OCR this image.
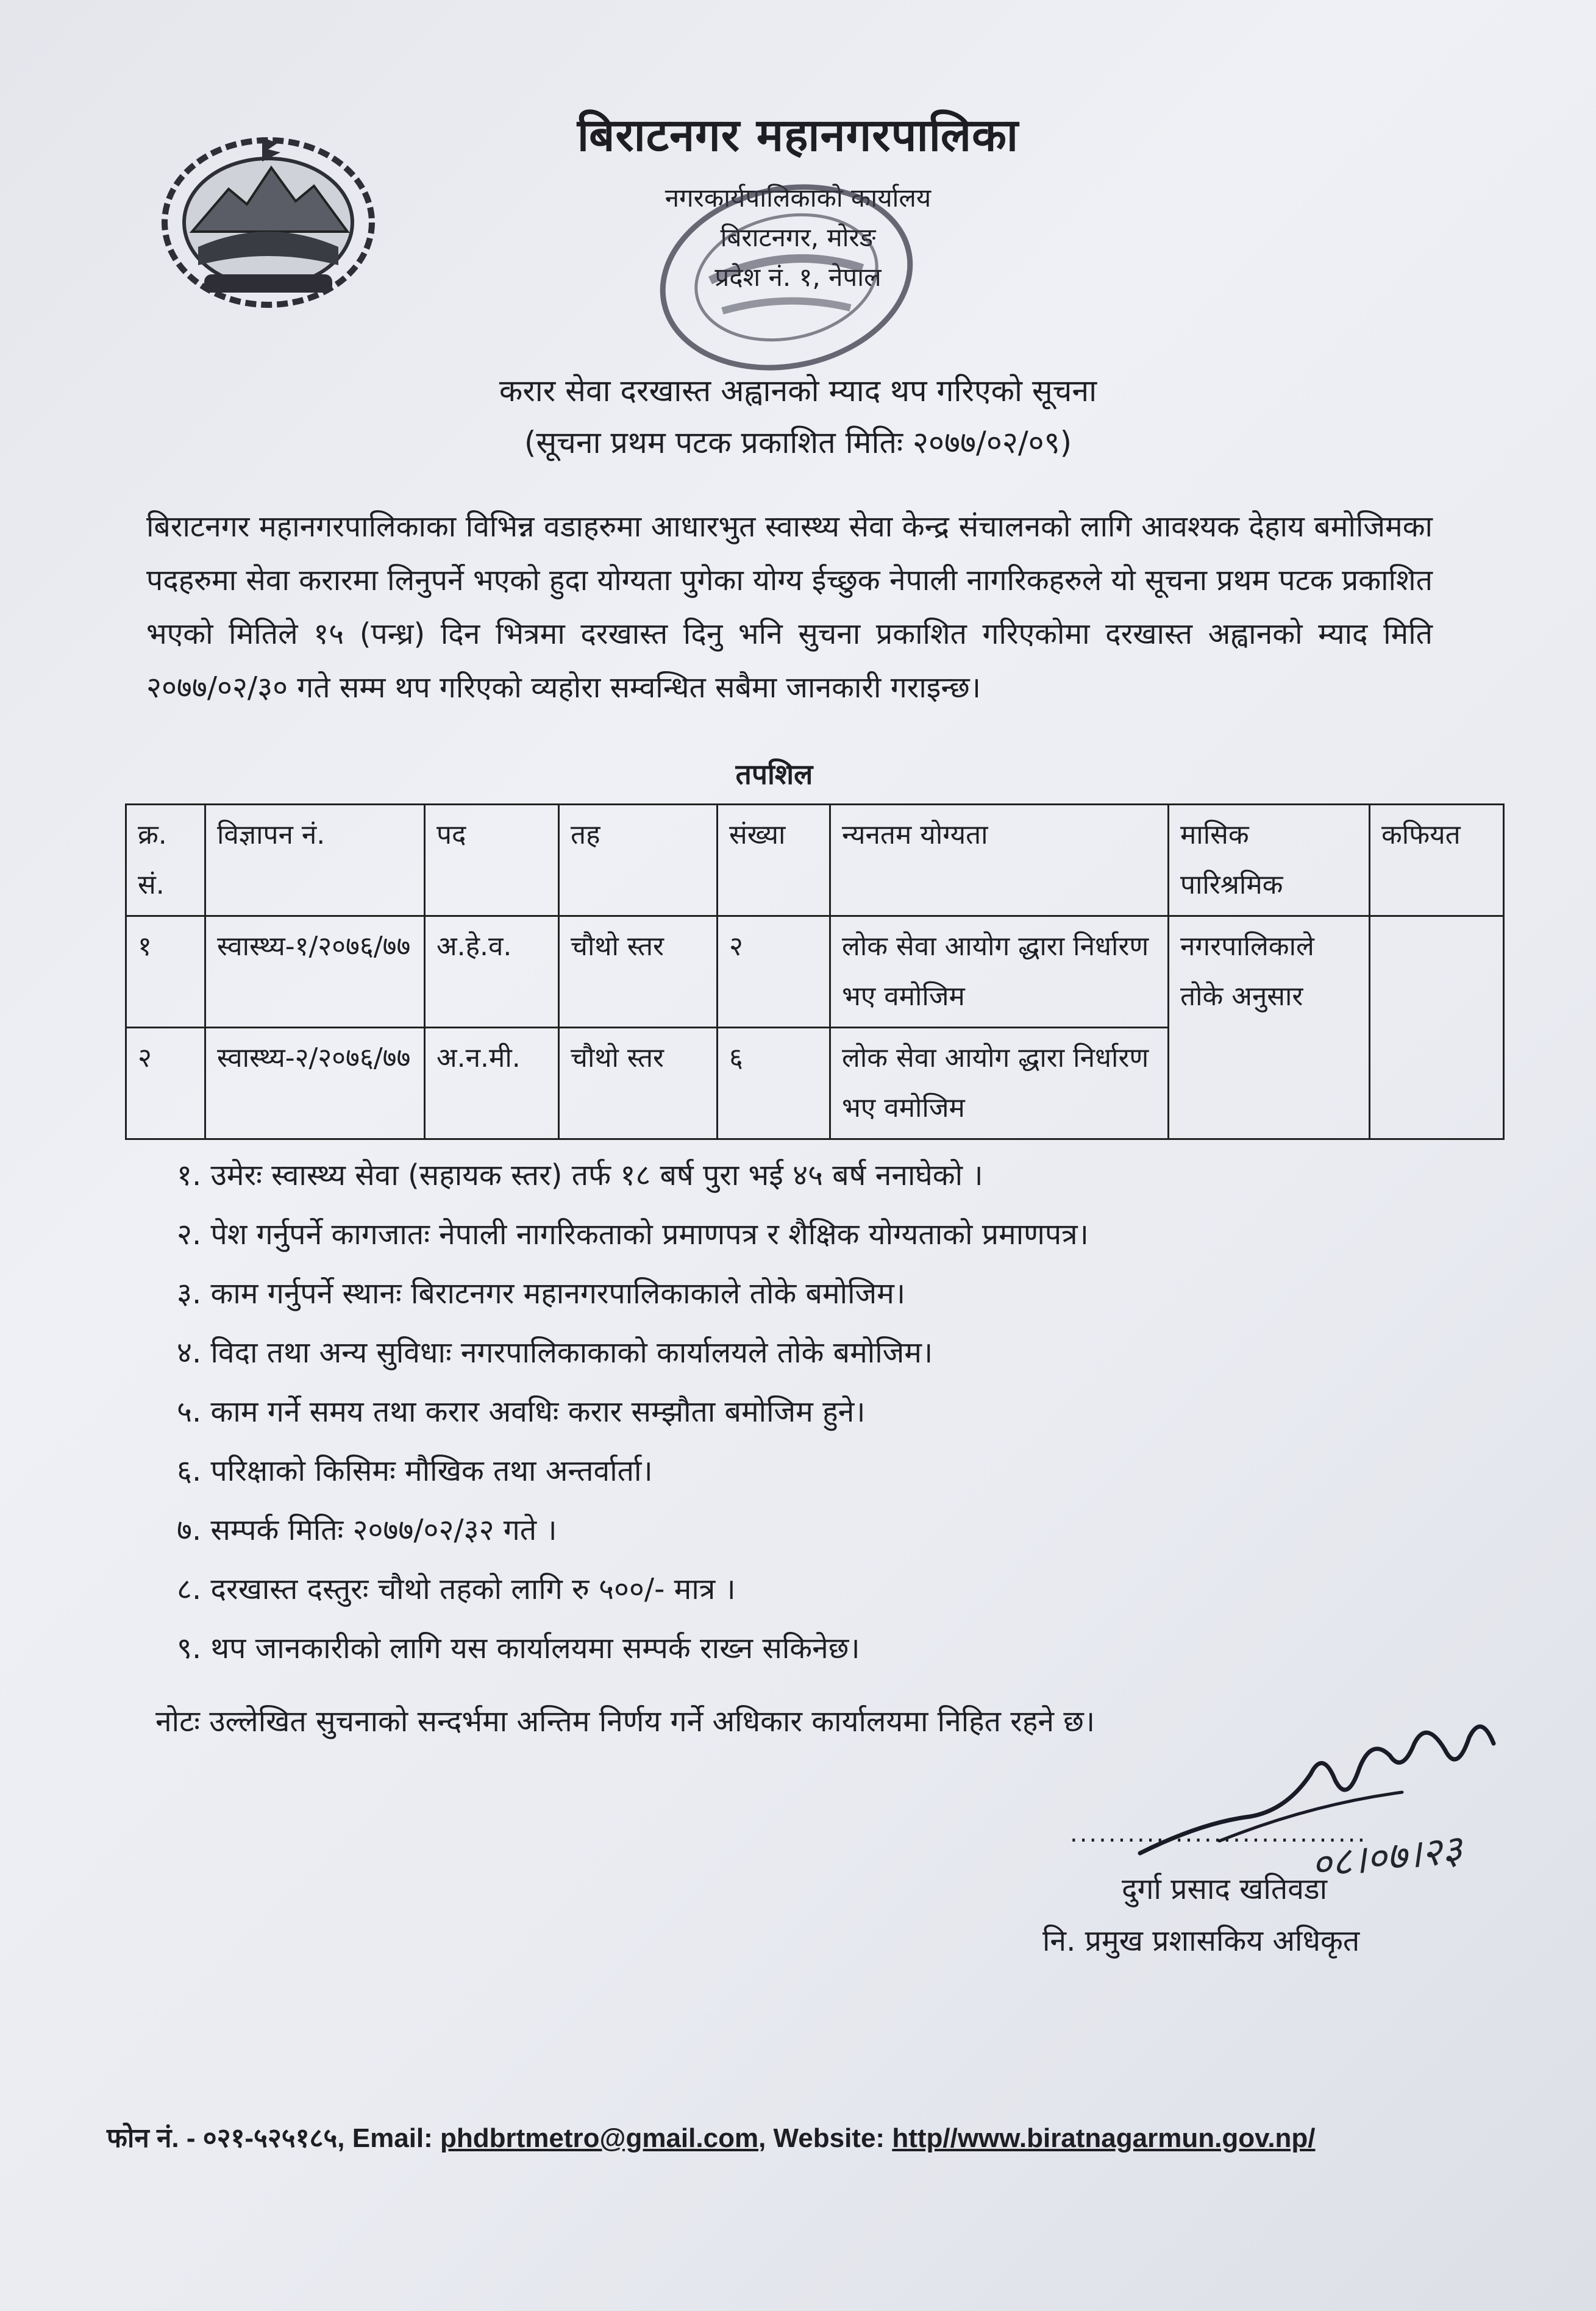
बिराटनगर महानगरपालिका
नगरकार्यपालिकाको कार्यालय
बिराटनगर, मोरङ
प्रदेश नं. १, नेपाल
करार सेवा दरखास्त अह्वानको म्याद थप गरिएको सूचना
(सूचना प्रथम पटक प्रकाशित मितिः २०७७/०२/०९)
बिराटनगर महानगरपालिकाका विभिन्न वडाहरुमा आधारभुत स्वास्थ्य सेवा केन्द्र संचालनको लागि आवश्यक देहाय बमोजिमका पदहरुमा सेवा करारमा लिनुपर्ने भएको हुदा योग्यता पुगेका योग्य ईच्छुक नेपाली नागरिकहरुले यो सूचना प्रथम पटक प्रकाशित भएको मितिले १५ (पन्ध्र) दिन भित्रमा दरखास्त दिनु भनि सुचना प्रकाशित गरिएकोमा दरखास्त अह्वानको म्याद मिति २०७७/०२/३० गते सम्म थप गरिएको व्यहोरा सम्वन्धित सबैमा जानकारी गराइन्छ।
तपशिल
क्र. सं.	विज्ञापन नं.	पद	तह	संख्या	न्यनतम योग्यता	मासिक पारिश्रमिक	कफियत
१	स्वास्थ्य-१/२०७६/७७	अ.हे.व.	चौथो स्तर	२	लोक सेवा आयोग द्धारा निर्धारण भए वमोजिम	नगरपालिकाले तोके अनुसार	
२	स्वास्थ्य-२/२०७६/७७	अ.न.मी.	चौथो स्तर	६	लोक सेवा आयोग द्धारा निर्धारण भए वमोजिम		
१. उमेरः स्वास्थ्य सेवा (सहायक स्तर) तर्फ १८ बर्ष पुरा भई ४५ बर्ष ननाघेको ।
२. पेश गर्नुपर्ने कागजातः नेपाली नागरिकताको प्रमाणपत्र र शैक्षिक योग्यताको प्रमाणपत्र।
३. काम गर्नुपर्ने स्थानः बिराटनगर महानगरपालिकाकाले तोके बमोजिम।
४. विदा तथा अन्य सुविधाः नगरपालिकाकाको कार्यालयले तोके बमोजिम।
५. काम गर्ने समय तथा करार अवधिः करार सम्झौता बमोजिम हुने।
६. परिक्षाको किसिमः मौखिक तथा अन्तर्वार्ता।
७. सम्पर्क मितिः २०७७/०२/३२ गते ।
८. दरखास्त दस्तुरः चौथो तहको लागि रु ५००/- मात्र ।
९. थप जानकारीको लागि यस कार्यालयमा सम्पर्क राख्न सकिनेछ।
नोटः उल्लेखित सुचनाको सन्दर्भमा अन्तिम निर्णय गर्ने अधिकार कार्यालयमा निहित रहने छ।
...............................
०८।०७।२३
दुर्गा प्रसाद खतिवडा
नि. प्रमुख प्रशासकिय अधिकृत
फोन नं. - ०२१-५२५१८५, Email: phdbrtmetro@gmail.com, Website: http//www.biratnagarmun.gov.np/
